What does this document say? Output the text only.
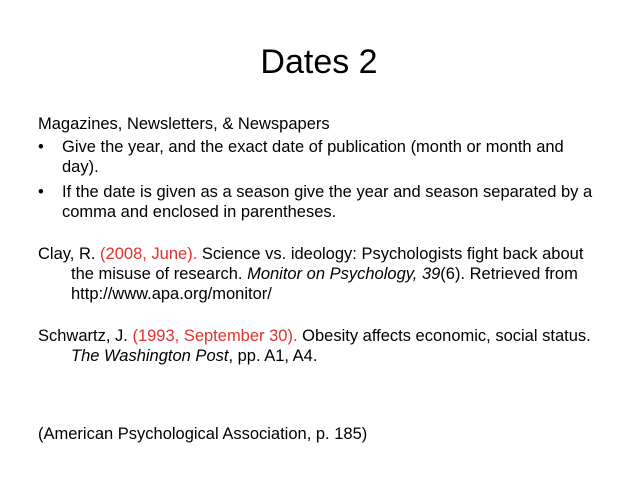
Dates 2

Magazines, Newsletters, & Newspapers

• Give the year, and the exact date of publication (month or month and day).
• If the date is given as a season give the year and season separated by a comma and enclosed in parentheses.

Clay, R. (2008, June). Science vs. ideology: Psychologists fight back about the misuse of research. Monitor on Psychology, 39(6). Retrieved from http://www.apa.org/monitor/

Schwartz, J. (1993, September 30). Obesity affects economic, social status. The Washington Post, pp. A1, A4.

(American Psychological Association, p. 185)
